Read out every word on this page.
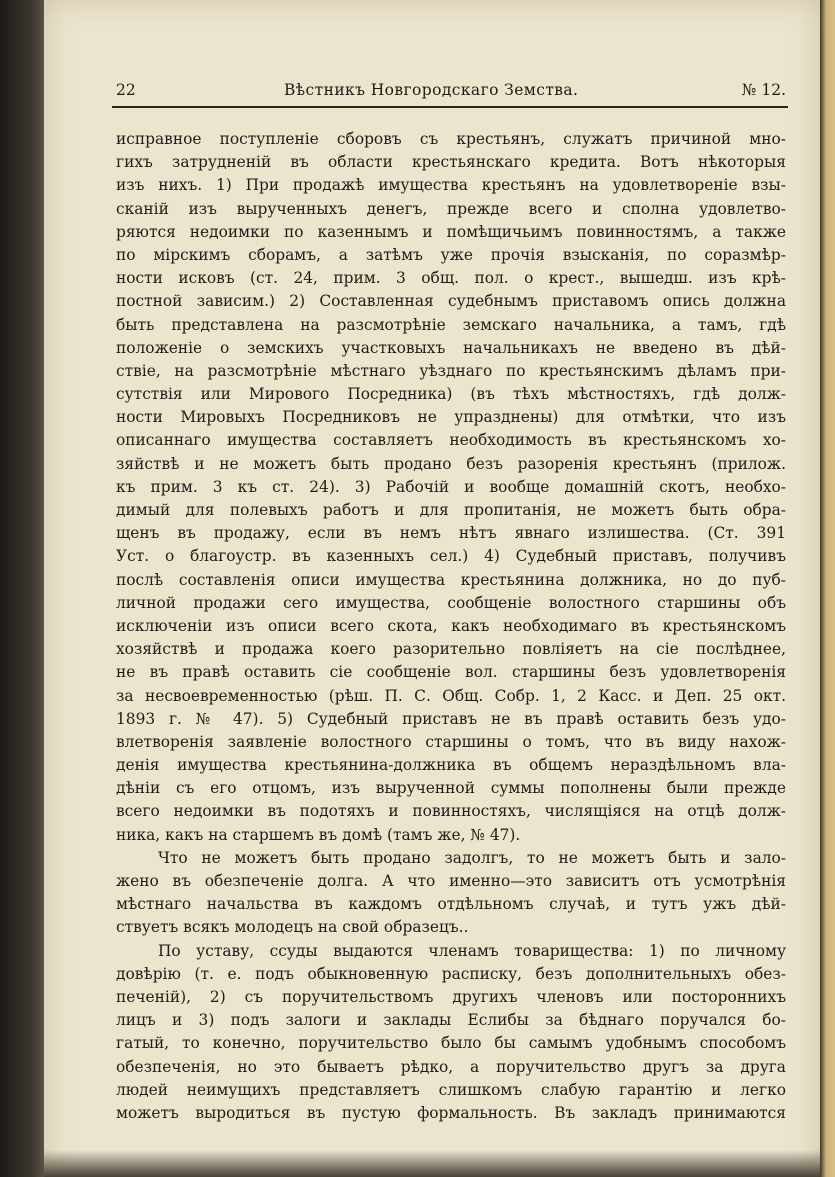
22	Вѣстникъ Новгородскаго Земства.	№ 12.
исправное поступленіе сборовъ съ крестьянъ, служатъ причиной мно-
гихъ затрудненій въ области крестьянскаго кредита. Вотъ нѣкоторыя
изъ нихъ. 1) При продажѣ имущества крестьянъ на удовлетвореніе взы-
сканій изъ вырученныхъ денегъ, прежде всего и сполна удовлетво-
ряются недоимки по казеннымъ и помѣщичьимъ повинностямъ, а также
по мірскимъ сборамъ, а затѣмъ уже прочія взысканія, по соразмѣр-
ности исковъ (ст. 24, прим. 3 общ. пол. о крест., вышедш. изъ крѣ-
постной зависим.) 2) Составленная судебнымъ приставомъ опись должна
быть представлена на разсмотрѣніе земскаго начальника, а тамъ, гдѣ
положеніе о земскихъ участковыхъ начальникахъ не введено въ дѣй-
ствіе, на разсмотрѣніе мѣстнаго уѣзднаго по крестьянскимъ дѣламъ при-
сутствія или Мирового Посредника) (въ тѣхъ мѣстностяхъ, гдѣ долж-
ности Мировыхъ Посредниковъ не упразднены) для отмѣтки, что изъ
описаннаго имущества составляетъ необходимость въ крестьянскомъ хо-
зяйствѣ и не можетъ быть продано безъ разоренія крестьянъ (прилож.
къ прим. 3 къ ст. 24). 3) Рабочій и вообще домашній скотъ, необхо-
димый для полевыхъ работъ и для пропитанія, не можетъ быть обра-
щенъ въ продажу, если въ немъ нѣтъ явнаго излишества. (Ст. 391
Уст. о благоустр. въ казенныхъ сел.) 4) Судебный приставъ, получивъ
послѣ составленія описи имущества крестьянина должника, но до пуб-
личной продажи сего имущества, сообщеніе волостного старшины объ
исключеніи изъ описи всего скота, какъ необходимаго въ крестьянскомъ
хозяйствѣ и продажа коего разорительно повліяетъ на сіе послѣднее,
не въ правѣ оставить сіе сообщеніе вол. старшины безъ удовлетворенія
за несвоевременностью (рѣш. П. С. Общ. Собр. 1, 2 Касс. и Деп. 25 окт.
1893 г. № 47). 5) Судебный приставъ не въ правѣ оставить безъ удо-
влетворенія заявленіе волостного старшины о томъ, что въ виду нахож-
денія имущества крестьянина-должника въ общемъ нераздѣльномъ вла-
дѣніи съ его отцомъ, изъ вырученной суммы пополнены были прежде
всего недоимки въ подотяхъ и повинностяхъ, числящіяся на отцѣ долж-
ника, какъ на старшемъ въ домѣ (тамъ же, № 47).
Что не можетъ быть продано задолгъ, то не можетъ быть и зало-
жено въ обезпеченіе долга. А что именно—это зависитъ отъ усмотрѣнія
мѣстнаго начальства въ каждомъ отдѣльномъ случаѣ, и тутъ ужъ дѣй-
ствуетъ всякъ молодецъ на свой образецъ..
По уставу, ссуды выдаются членамъ товарищества: 1) по личному
довѣрію (т. е. подъ обыкновенную расписку, безъ дополнительныхъ обез-
печеній), 2) съ поручительствомъ другихъ членовъ или постороннихъ
лицъ и 3) подъ залоги и заклады Еслибы за бѣднаго поручался бо-
гатый, то конечно, поручительство было бы самымъ удобнымъ способомъ
обезпеченія, но это бываетъ рѣдко, а поручительство другъ за друга
людей неимущихъ представляетъ слишкомъ слабую гарантію и легко
можетъ выродиться въ пустую формальность. Въ закладъ принимаются
